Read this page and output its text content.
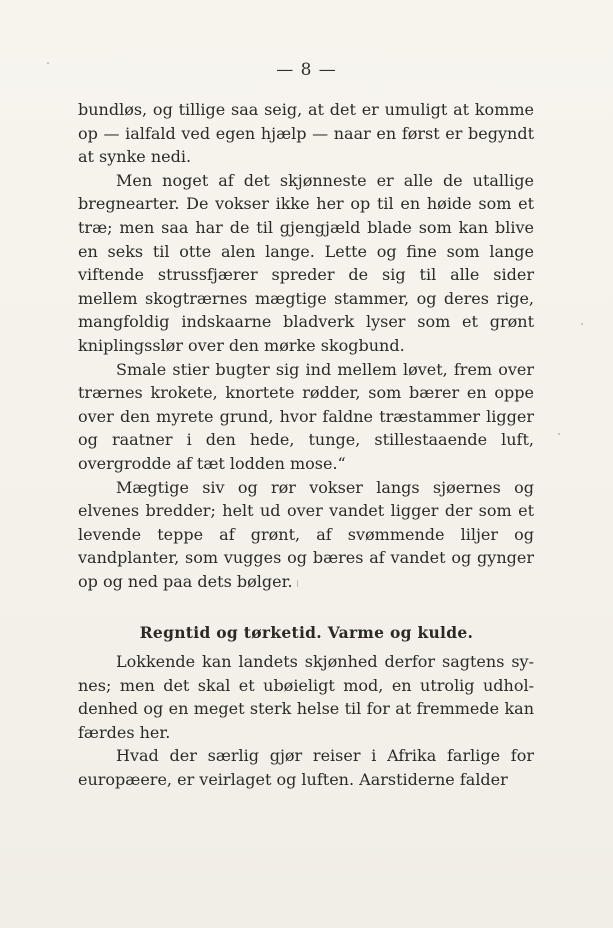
— 8 —

bundløs, og tillige saa seig, at det er umuligt at komme op — ialfald ved egen hjælp — naar en først er begyndt at synke nedi.

Men noget af det skjønneste er alle de utallige bregnearter. De vokser ikke her op til en høide som et træ; men saa har de til gjengjæld blade som kan blive en seks til otte alen lange. Lette og fine som lange viftende strussfjærer spreder de sig til alle sider mellem skogtrærnes mægtige stammer, og deres rige, mangfoldig indskaarne bladverk lyser som et grønt kniplingsslør over den mørke skogbund.

Smale stier bugter sig ind mellem løvet, frem over trærnes krokete, knortete rødder, som bærer en oppe over den myrete grund, hvor faldne træstammer ligger og raatner i den hede, tunge, stillestaaende luft, overgrodde af tæt lodden mose.“

Mægtige siv og rør vokser langs sjøernes og elvenes bredder; helt ud over vandet ligger der som et levende teppe af grønt, af svømmende liljer og vandplanter, som vugges og bæres af vandet og gynger op og ned paa dets bølger.

Regntid og tørketid. Varme og kulde.

Lokkende kan landets skjønhed derfor sagtens synes; men det skal et ubøieligt mod, en utrolig udholdenhed og en meget sterk helse til for at fremmede kan færdes her.

Hvad der særlig gjør reiser i Afrika farlige for europæere, er veirlaget og luften. Aarstiderne falder
